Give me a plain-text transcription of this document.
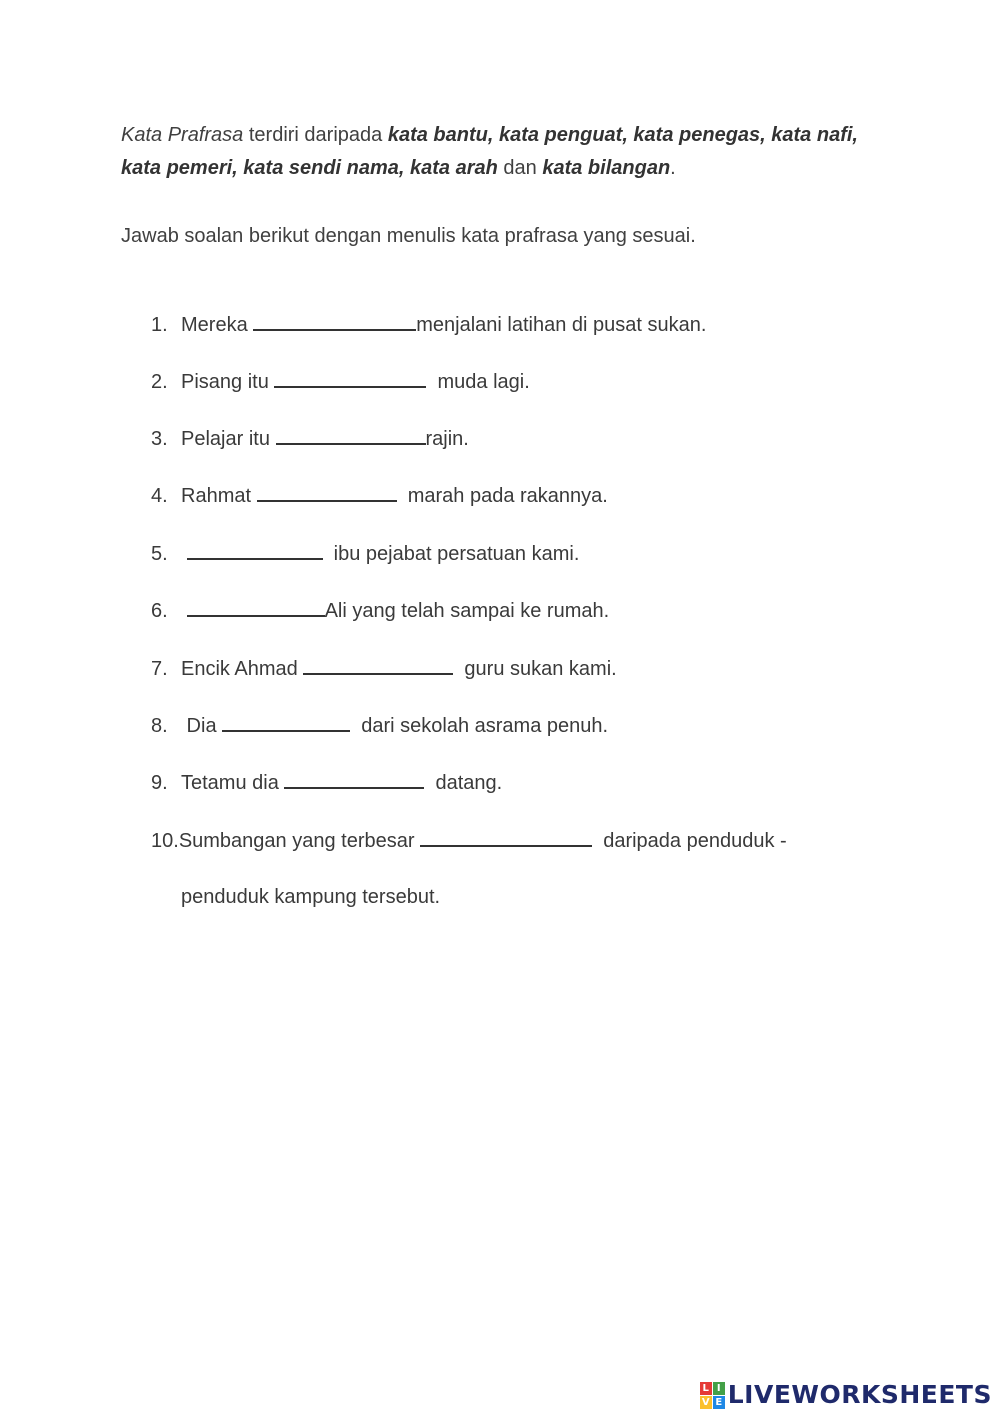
Kata Prafrasa terdiri daripada kata bantu, kata penguat, kata penegas, kata nafi, kata pemeri, kata sendi nama, kata arah dan kata bilangan.
Jawab soalan berikut dengan menulis kata prafrasa yang sesuai.
1. Mereka	menjalani latihan di pusat sukan.
2. Pisang itu	muda lagi.
3. Pelajar itu	rajin.
4. Rahmat	marah pada rakannya.
5.	ibu pejabat persatuan kami.
6.	Ali yang telah sampai ke rumah.
7. Encik Ahmad	guru sukan kami.
8. Dia	dari sekolah asrama penuh.
9. Tetamu dia	datang.
10.Sumbangan yang terbesar	daripada penduduk -
penduduk kampung tersebut.
L I
V E LIVEWORKSHEETS
